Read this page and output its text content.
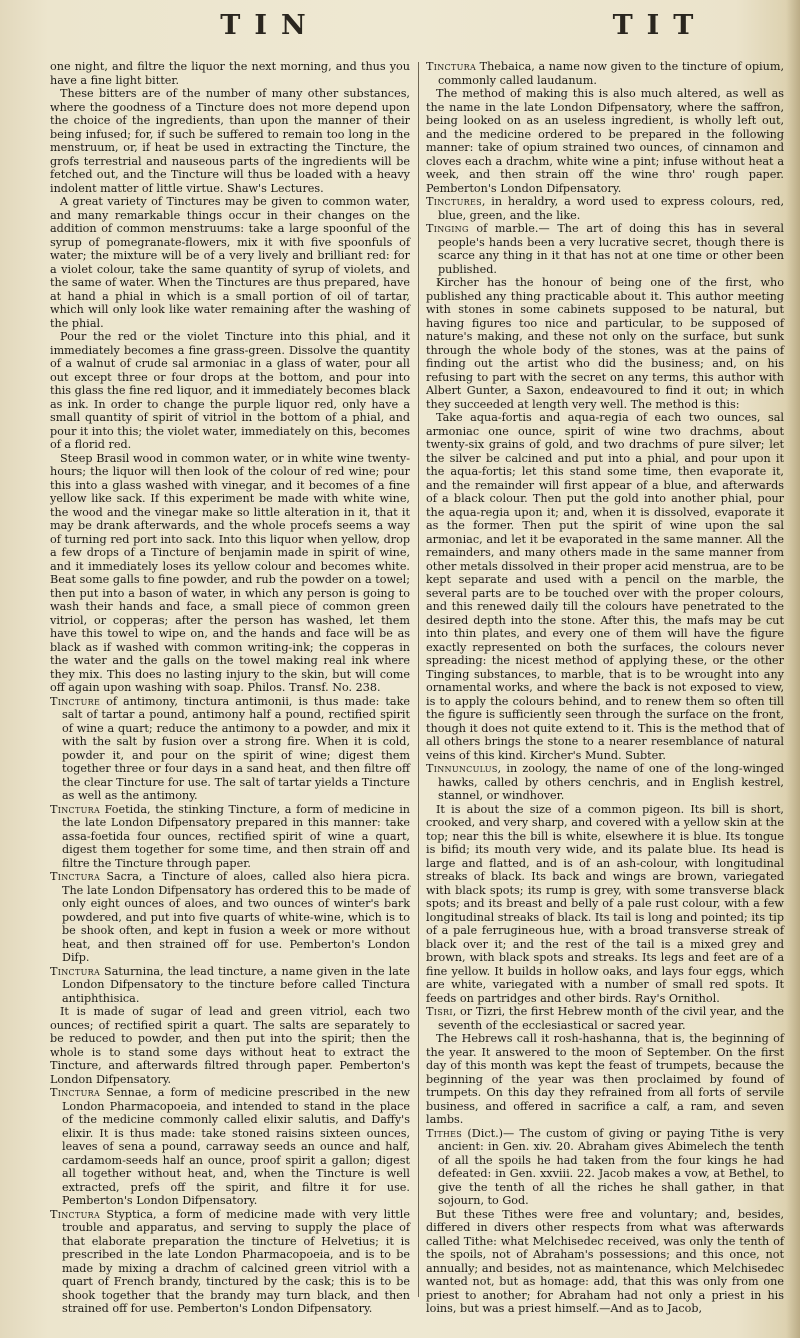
TIN	TIT

one night, and filtre the liquor the next morning, and thus you have a fine light bitter.

These bitters are of the number of many other substances, where the goodness of a Tincture does not more depend upon the choice of the ingredients, than upon the manner of their being infused; for, if such be suffered to remain too long in the menstruum, or, if heat be used in extracting the Tincture, the grofs terrestrial and nauseous parts of the ingredients will be fetched out, and the Tincture will thus be loaded with a heavy indolent matter of little virtue. Shaw's Lectures.

A great variety of Tinctures may be given to common water, and many remarkable things occur in their changes on the addition of common menstruums: take a large spoonful of the syrup of pomegranate-flowers, mix it with five spoonfuls of water; the mixture will be of a very lively and brilliant red: for a violet colour, take the same quantity of syrup of violets, and the same of water. When the Tinctures are thus prepared, have at hand a phial in which is a small portion of oil of tartar, which will only look like water remaining after the washing of the phial.

Pour the red or the violet Tincture into this phial, and it immediately becomes a fine grass-green. Dissolve the quantity of a walnut of crude sal armoniac in a glass of water, pour all out except three or four drops at the bottom, and pour into this glass the fine red liquor, and it immediately becomes black as ink. In order to change the purple liquor red, only have a small quantity of spirit of vitriol in the bottom of a phial, and pour it into this; the violet water, immediately on this, becomes of a florid red.

Steep Brasil wood in common water, or in white wine twenty-hours; the liquor will then look of the colour of red wine; pour this into a glass washed with vinegar, and it becomes of a fine yellow like sack. If this experiment be made with white wine, the wood and the vinegar make so little alteration in it, that it may be drank afterwards, and the whole procefs seems a way of turning red port into sack. Into this liquor when yellow, drop a few drops of a Tincture of benjamin made in spirit of wine, and it immediately loses its yellow colour and becomes white. Beat some galls to fine powder, and rub the powder on a towel; then put into a bason of water, in which any person is going to wash their hands and face, a small piece of common green vitriol, or copperas; after the person has washed, let them have this towel to wipe on, and the hands and face will be as black as if washed with common writing-ink; the copperas in the water and the galls on the towel making real ink where they mix. This does no lasting injury to the skin, but will come off again upon washing with soap. Philos. Transf. No. 238.

Tincture of antimony, tinctura antimonii, is thus made: take salt of tartar a pound, antimony half a pound, rectified spirit of wine a quart; reduce the antimony to a powder, and mix it with the salt by fusion over a strong fire. When it is cold, powder it, and pour on the spirit of wine; digest them together three or four days in a sand heat, and then filtre off the clear Tincture for use. The salt of tartar yields a Tincture as well as the antimony.

Tinctura Foetida, the stinking Tincture, a form of medicine in the late London Difpensatory prepared in this manner: take assa-foetida four ounces, rectified spirit of wine a quart, digest them together for some time, and then strain off and filtre the Tincture through paper.

Tinctura Sacra, a Tincture of aloes, called also hiera picra. The late London Difpensatory has ordered this to be made of only eight ounces of aloes, and two ounces of winter's bark powdered, and put into five quarts of white-wine, which is to be shook often, and kept in fusion a week or more without heat, and then strained off for use. Pemberton's London Difp.

Tinctura Saturnina, the lead tincture, a name given in the late London Difpensatory to the tincture before called Tinctura antiphthisica.

It is made of sugar of lead and green vitriol, each two ounces; of rectified spirit a quart. The salts are separately to be reduced to powder, and then put into the spirit; then the whole is to stand some days without heat to extract the Tincture, and afterwards filtred through paper. Pemberton's London Difpensatory.

Tinctura Sennae, a form of medicine prescribed in the new London Pharmacopoeia, and intended to stand in the place of the medicine commonly called elixir salutis, and Daffy's elixir. It is thus made: take stoned raisins sixteen ounces, leaves of sena a pound, carraway seeds an ounce and half, cardamom-seeds half an ounce, proof spirit a gallon; digest all together without heat, and, when the Tincture is well extracted, prefs off the spirit, and filtre it for use. Pemberton's London Difpensatory.

Tinctura Styptica, a form of medicine made with very little trouble and apparatus, and serving to supply the place of that elaborate preparation the tincture of Helvetius; it is prescribed in the late London Pharmacopoeia, and is to be made by mixing a drachm of calcined green vitriol with a quart of French brandy, tinctured by the cask; this is to be shook together that the brandy may turn black, and then strained off for use. Pemberton's London Difpensatory.

Tinctura Thebaica, a name now given to the tincture of opium, commonly called laudanum.

The method of making this is also much altered, as well as the name in the late London Difpensatory, where the saffron, being looked on as an useless ingredient, is wholly left out, and the medicine ordered to be prepared in the following manner: take of opium strained two ounces, of cinnamon and cloves each a drachm, white wine a pint; infuse without heat a week, and then strain off the wine thro' rough paper. Pemberton's London Difpensatory.

Tinctures, in heraldry, a word used to express colours, red, blue, green, and the like.

Tinging of marble.— The art of doing this has in several people's hands been a very lucrative secret, though there is scarce any thing in it that has not at one time or other been published.

Kircher has the honour of being one of the first, who published any thing practicable about it. This author meeting with stones in some cabinets supposed to be natural, but having figures too nice and particular, to be supposed of nature's making, and these not only on the surface, but sunk through the whole body of the stones, was at the pains of finding out the artist who did the business; and, on his refusing to part with the secret on any terms, this author with Albert Gunter, a Saxon, endeavoured to find it out; in which they succeeded at length very well. The method is this:

Take aqua-fortis and aqua-regia of each two ounces, sal armoniac one ounce, spirit of wine two drachms, about twenty-six grains of gold, and two drachms of pure silver; let the silver be calcined and put into a phial, and pour upon it the aqua-fortis; let this stand some time, then evaporate it, and the remainder will first appear of a blue, and afterwards of a black colour. Then put the gold into another phial, pour the aqua-regia upon it; and, when it is dissolved, evaporate it as the former. Then put the spirit of wine upon the sal armoniac, and let it be evaporated in the same manner. All the remainders, and many others made in the same manner from other metals dissolved in their proper acid menstrua, are to be kept separate and used with a pencil on the marble, the several parts are to be touched over with the proper colours, and this renewed daily till the colours have penetrated to the desired depth into the stone. After this, the mafs may be cut into thin plates, and every one of them will have the figure exactly represented on both the surfaces, the colours never spreading: the nicest method of applying these, or the other Tinging substances, to marble, that is to be wrought into any ornamental works, and where the back is not exposed to view, is to apply the colours behind, and to renew them so often till the figure is sufficiently seen through the surface on the front, though it does not quite extend to it. This is the method that of all others brings the stone to a nearer resemblance of natural veins of this kind. Kircher's Mund. Subter.

Tinnunculus, in zoology, the name of one of the long-winged hawks, called by others cenchris, and in English kestrel, stannel, or windhover.

It is about the size of a common pigeon. Its bill is short, crooked, and very sharp, and covered with a yellow skin at the top; near this the bill is white, elsewhere it is blue. Its tongue is bifid; its mouth very wide, and its palate blue. Its head is large and flatted, and is of an ash-colour, with longitudinal streaks of black. Its back and wings are brown, variegated with black spots; its rump is grey, with some transverse black spots; and its breast and belly of a pale rust colour, with a few longitudinal streaks of black. Its tail is long and pointed; its tip of a pale ferrugineous hue, with a broad transverse streak of black over it; and the rest of the tail is a mixed grey and brown, with black spots and streaks. Its legs and feet are of a fine yellow. It builds in hollow oaks, and lays four eggs, which are white, variegated with a number of small red spots. It feeds on partridges and other birds. Ray's Ornithol.

Tisri, or Tizri, the first Hebrew month of the civil year, and the seventh of the ecclesiastical or sacred year.

The Hebrews call it rosh-hashanna, that is, the beginning of the year. It answered to the moon of September. On the first day of this month was kept the feast of trumpets, because the beginning of the year was then proclaimed by found of trumpets. On this day they refrained from all forts of servile business, and offered in sacrifice a calf, a ram, and seven lambs.

Tithes (Dict.)— The custom of giving or paying Tithe is very ancient: in Gen. xiv. 20. Abraham gives Abimelech the tenth of all the spoils he had taken from the four kings he had defeated: in Gen. xxviii. 22. Jacob makes a vow, at Bethel, to give the tenth of all the riches he shall gather, in that sojourn, to God.

But these Tithes were free and voluntary; and, besides, differed in divers other respects from what was afterwards called Tithe: what Melchisedec received, was only the tenth of the spoils, not of Abraham's possessions; and this once, not annually; and besides, not as maintenance, which Melchisedec wanted not, but as homage: add, that this was only from one priest to another; for Abraham had not only a priest in his loins, but was a priest himself.—And as to Jacob,
